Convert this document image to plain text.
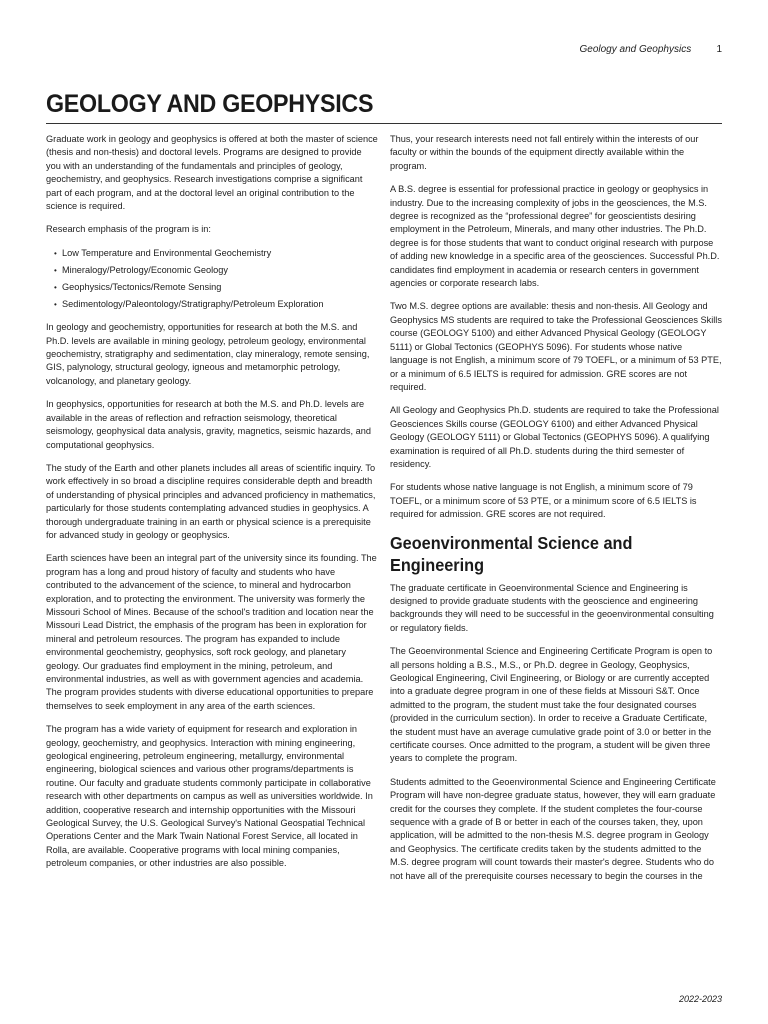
Geology and Geophysics	1
GEOLOGY AND GEOPHYSICS

Graduate work in geology and geophysics is offered at both the master of science (thesis and non-thesis) and doctoral levels. Programs are designed to provide you with an understanding of the fundamentals and principles of geology, geochemistry, and geophysics. Research investigations comprise a significant part of each program, and at the doctoral level an original contribution to the science is required.

Research emphasis of the program is in:

• Low Temperature and Environmental Geochemistry
• Mineralogy/Petrology/Economic Geology
• Geophysics/Tectonics/Remote Sensing
• Sedimentology/Paleontology/Stratigraphy/Petroleum Exploration

In geology and geochemistry, opportunities for research at both the M.S. and Ph.D. levels are available in mining geology, petroleum geology, environmental geochemistry, stratigraphy and sedimentation, clay mineralogy, remote sensing, GIS, palynology, structural geology, igneous and metamorphic petrology, volcanology, and planetary geology.

In geophysics, opportunities for research at both the M.S. and Ph.D. levels are available in the areas of reflection and refraction seismology, theoretical seismology, geophysical data analysis, gravity, magnetics, seismic hazards, and computational geophysics.

The study of the Earth and other planets includes all areas of scientific inquiry. To work effectively in so broad a discipline requires considerable depth and breadth of understanding of physical principles and advanced proficiency in mathematics, particularly for those students contemplating advanced studies in geophysics. A thorough undergraduate training in an earth or physical science is a prerequisite for advanced study in geology or geophysics.

Earth sciences have been an integral part of the university since its founding. The program has a long and proud history of faculty and students who have contributed to the advancement of the science, to mineral and hydrocarbon exploration, and to protecting the environment. The university was formerly the Missouri School of Mines. Because of the school's tradition and location near the Missouri Lead District, the emphasis of the program has been in exploration for mineral and petroleum resources. The program has expanded to include environmental geochemistry, geophysics, soft rock geology, and planetary geology. Our graduates find employment in the mining, petroleum, and environmental industries, as well as with government agencies and academia. The program provides students with diverse educational opportunities to prepare themselves to seek employment in any area of the earth sciences.

The program has a wide variety of equipment for research and exploration in geology, geochemistry, and geophysics. Interaction with mining engineering, geological engineering, petroleum engineering, metallurgy, environmental engineering, biological sciences and various other programs/departments is routine. Our faculty and graduate students commonly participate in collaborative research with other departments on campus as well as universities worldwide. In addition, cooperative research and internship opportunities with the Missouri Geological Survey, the U.S. Geological Survey's National Geospatial Technical Operations Center and the Mark Twain National Forest Service, all located in Rolla, are available. Cooperative programs with local mining companies, petroleum companies, or other industries are also possible.

Thus, your research interests need not fall entirely within the interests of our faculty or within the bounds of the equipment directly available within the program.

A B.S. degree is essential for professional practice in geology or geophysics in industry. Due to the increasing complexity of jobs in the geosciences, the M.S. degree is recognized as the “professional degree” for geoscientists desiring employment in the Petroleum, Minerals, and many other industries. The Ph.D. degree is for those students that want to conduct original research with purpose of adding new knowledge in a specific area of the geosciences. Successful Ph.D. candidates find employment in academia or research centers in government agencies or corporate research labs.

Two M.S. degree options are available: thesis and non-thesis. All Geology and Geophysics MS students are required to take the Professional Geosciences Skills course (GEOLOGY 5100) and either Advanced Physical Geology (GEOLOGY 5111) or Global Tectonics (GEOPHYS 5096). For students whose native language is not English, a minimum score of 79 TOEFL, or a minimum of 53 PTE, or a minimum of 6.5 IELTS is required for admission. GRE scores are not required.

All Geology and Geophysics Ph.D. students are required to take the Professional Geosciences Skills course (GEOLOGY 6100) and either Advanced Physical Geology (GEOLOGY 5111) or Global Tectonics (GEOPHYS 5096). A qualifying examination is required of all Ph.D. students during the third semester of residency.

For students whose native language is not English, a minimum score of 79 TOEFL, or a minimum score of 53 PTE, or a minimum score of 6.5 IELTS is required for admission. GRE scores are not required.

Geoenvironmental Science and Engineering

The graduate certificate in Geoenvironmental Science and Engineering is designed to provide graduate students with the geoscience and engineering backgrounds they will need to be successful in the geoenvironmental consulting or regulatory fields.

The Geoenvironmental Science and Engineering Certificate Program is open to all persons holding a B.S., M.S., or Ph.D. degree in Geology, Geophysics, Geological Engineering, Civil Engineering, or Biology or are currently accepted into a graduate degree program in one of these fields at Missouri S&T. Once admitted to the program, the student must take the four designated courses (provided in the curriculum section). In order to receive a Graduate Certificate, the student must have an average cumulative grade point of 3.0 or better in the certificate courses. Once admitted to the program, a student will be given three years to complete the program.

Students admitted to the Geoenvironmental Science and Engineering Certificate Program will have non-degree graduate status, however, they will earn graduate credit for the courses they complete. If the student completes the four-course sequence with a grade of B or better in each of the courses taken, they, upon application, will be admitted to the non-thesis M.S. degree program in Geology and Geophysics. The certificate credits taken by the students admitted to the M.S. degree program will count towards their master's degree. Students who do not have all of the prerequisite courses necessary to begin the courses in the

2022-2023
